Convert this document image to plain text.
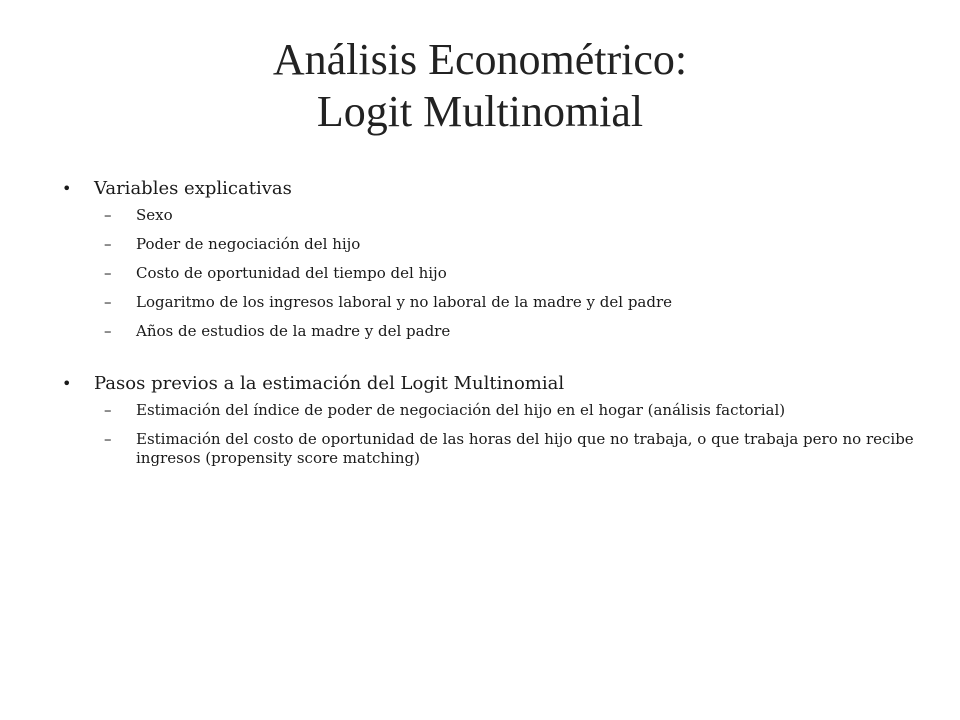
Análisis Econométrico:
Logit Multinomial
• Variables explicativas
– Sexo
– Poder de negociación del hijo
– Costo de oportunidad del tiempo del hijo
– Logaritmo de los ingresos laboral y no laboral de la madre y del padre
– Años de estudios de la madre y del padre
• Pasos previos a la estimación del Logit Multinomial
– Estimación del índice de poder de negociación del hijo en el hogar (análisis factorial)
– Estimación del costo de oportunidad de las horas del hijo que no trabaja, o que trabaja pero no recibe ingresos (propensity score matching)
